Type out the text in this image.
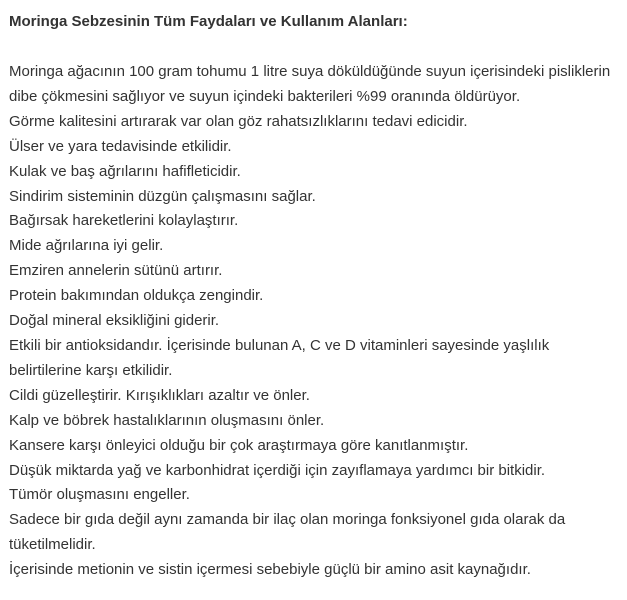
Moringa Sebzesinin Tüm Faydaları ve Kullanım Alanları:
Moringa ağacının 100 gram tohumu 1 litre suya döküldüğünde suyun içerisindeki pisliklerin dibe çökmesini sağlıyor ve suyun içindeki bakterileri %99 oranında öldürüyor.
Görme kalitesini artırarak var olan göz rahatsızlıklarını tedavi edicidir.
Ülser ve yara tedavisinde etkilidir.
Kulak ve baş ağrılarını hafifleticidir.
Sindirim sisteminin düzgün çalışmasını sağlar.
Bağırsak hareketlerini kolaylaştırır.
Mide ağrılarına iyi gelir.
Emziren annelerin sütünü artırır.
Protein bakımından oldukça zengindir.
Doğal mineral eksikliğini giderir.
Etkili bir antioksidandır. İçerisinde bulunan A, C ve D vitaminleri sayesinde yaşlılık belirtilerine karşı etkilidir.
Cildi güzelleştirir. Kırışıklıkları azaltır ve önler.
Kalp ve böbrek hastalıklarının oluşmasını önler.
Kansere karşı önleyici olduğu bir çok araştırmaya göre kanıtlanmıştır.
Düşük miktarda yağ ve karbonhidrat içerdiği için zayıflamaya yardımcı bir bitkidir.
Tümör oluşmasını engeller.
Sadece bir gıda değil aynı zamanda bir ilaç olan moringa fonksiyonel gıda olarak da tüketilmelidir.
İçerisinde metionin ve sistin içermesi sebebiyle güçlü bir amino asit kaynağıdır.
